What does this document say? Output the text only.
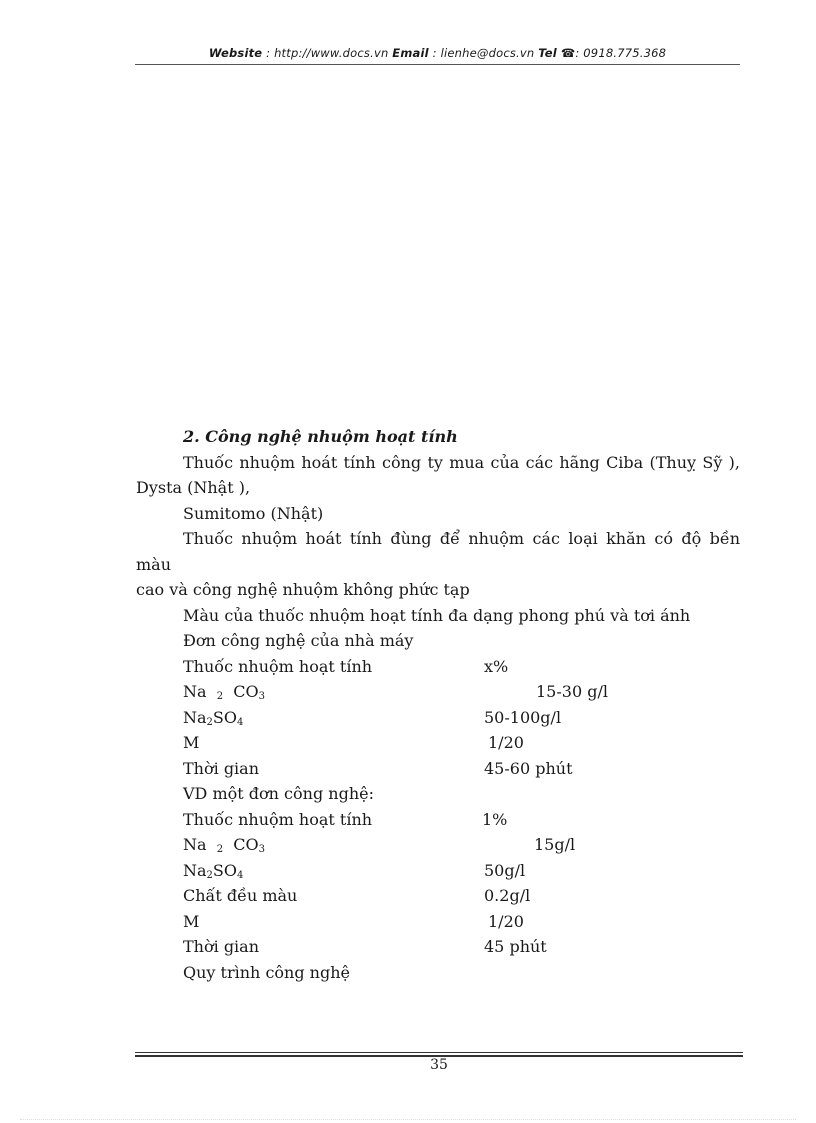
Website : http://www.docs.vn Email : lienhe@docs.vn Tel ☎: 0918.775.368

2. Công nghệ nhuộm hoạt tính

Thuốc nhuộm hoát tính công ty mua của các hãng Ciba (Thuỵ Sỹ ),

Dysta (Nhật ),

Sumitomo (Nhật)

Thuốc nhuộm hoát tính đùng để nhuộm các loại khăn có độ bền màu

cao và công nghệ nhuộm không phức tạp

Màu của thuốc nhuộm hoạt tính đa dạng phong phú và tơi ánh

Đơn công nghệ của nhà máy

Thuốc nhuộm hoạt tính	x%
Na $_2$  $CO_3$	15-30 g/l
$Na_2SO_4$	50-100g/l
M	1/20
Thời gian	45-60 phút

VD một đơn công nghệ:

Thuốc nhuộm hoạt tính	1%
Na $_2$  $CO_3$	15g/l
$Na_2SO_4$	50g/l
Chất đều màu	0.2g/l
M	1/20
Thời gian	45 phút

Quy trình công nghệ

35
